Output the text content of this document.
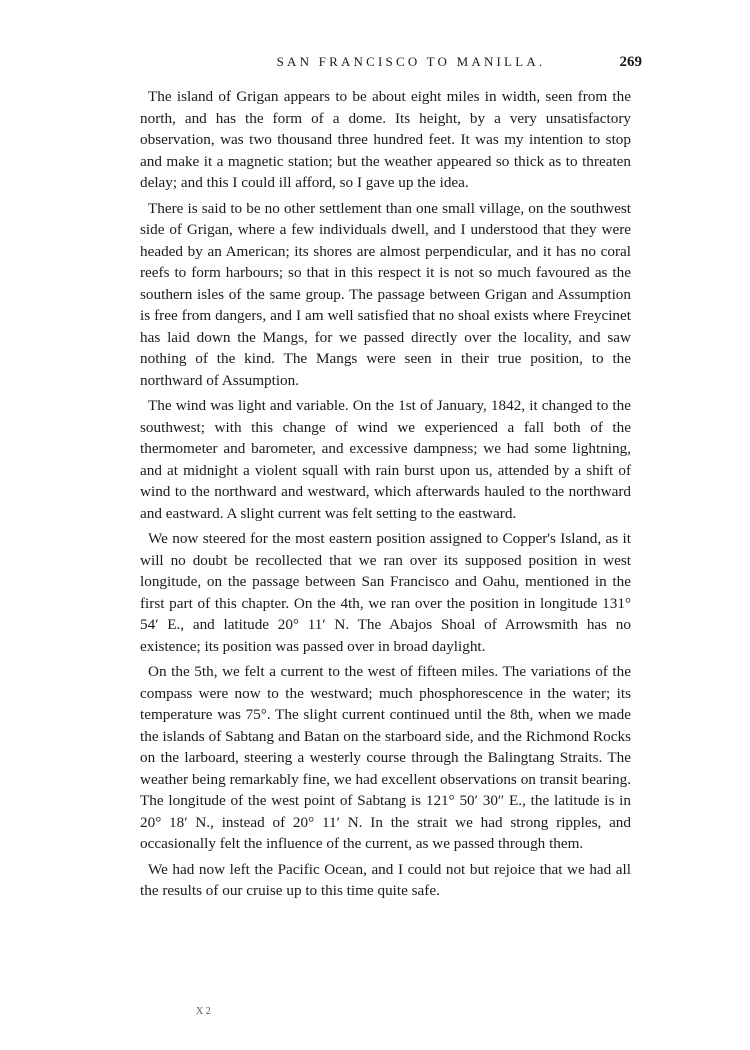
SAN FRANCISCO TO MANILLA.	269

The island of Grigan appears to be about eight miles in width, seen from the north, and has the form of a dome. Its height, by a very unsatisfactory observation, was two thousand three hundred feet. It was my intention to stop and make it a magnetic station; but the weather appeared so thick as to threaten delay; and this I could ill afford, so I gave up the idea.

There is said to be no other settlement than one small village, on the southwest side of Grigan, where a few individuals dwell, and I understood that they were headed by an American; its shores are almost perpendicular, and it has no coral reefs to form harbours; so that in this respect it is not so much favoured as the southern isles of the same group. The passage between Grigan and Assumption is free from dangers, and I am well satisfied that no shoal exists where Freycinet has laid down the Mangs, for we passed directly over the locality, and saw nothing of the kind. The Mangs were seen in their true position, to the northward of Assumption.

The wind was light and variable. On the 1st of January, 1842, it changed to the southwest; with this change of wind we experienced a fall both of the thermometer and barometer, and excessive dampness; we had some lightning, and at midnight a violent squall with rain burst upon us, attended by a shift of wind to the northward and westward, which afterwards hauled to the northward and eastward. A slight current was felt setting to the eastward.

We now steered for the most eastern position assigned to Copper's Island, as it will no doubt be recollected that we ran over its supposed position in west longitude, on the passage between San Francisco and Oahu, mentioned in the first part of this chapter. On the 4th, we ran over the position in longitude 131° 54′ E., and latitude 20° 11′ N. The Abajos Shoal of Arrowsmith has no existence; its position was passed over in broad daylight.

On the 5th, we felt a current to the west of fifteen miles. The variations of the compass were now to the westward; much phosphorescence in the water; its temperature was 75°. The slight current continued until the 8th, when we made the islands of Sabtang and Batan on the starboard side, and the Richmond Rocks on the larboard, steering a westerly course through the Balingtang Straits. The weather being remarkably fine, we had excellent observations on transit bearing. The longitude of the west point of Sabtang is 121° 50′ 30″ E., the latitude is in 20° 18′ N., instead of 20° 11′ N. In the strait we had strong ripples, and occasionally felt the influence of the current, as we passed through them.

We had now left the Pacific Ocean, and I could not but rejoice that we had all the results of our cruise up to this time quite safe.

X 2
